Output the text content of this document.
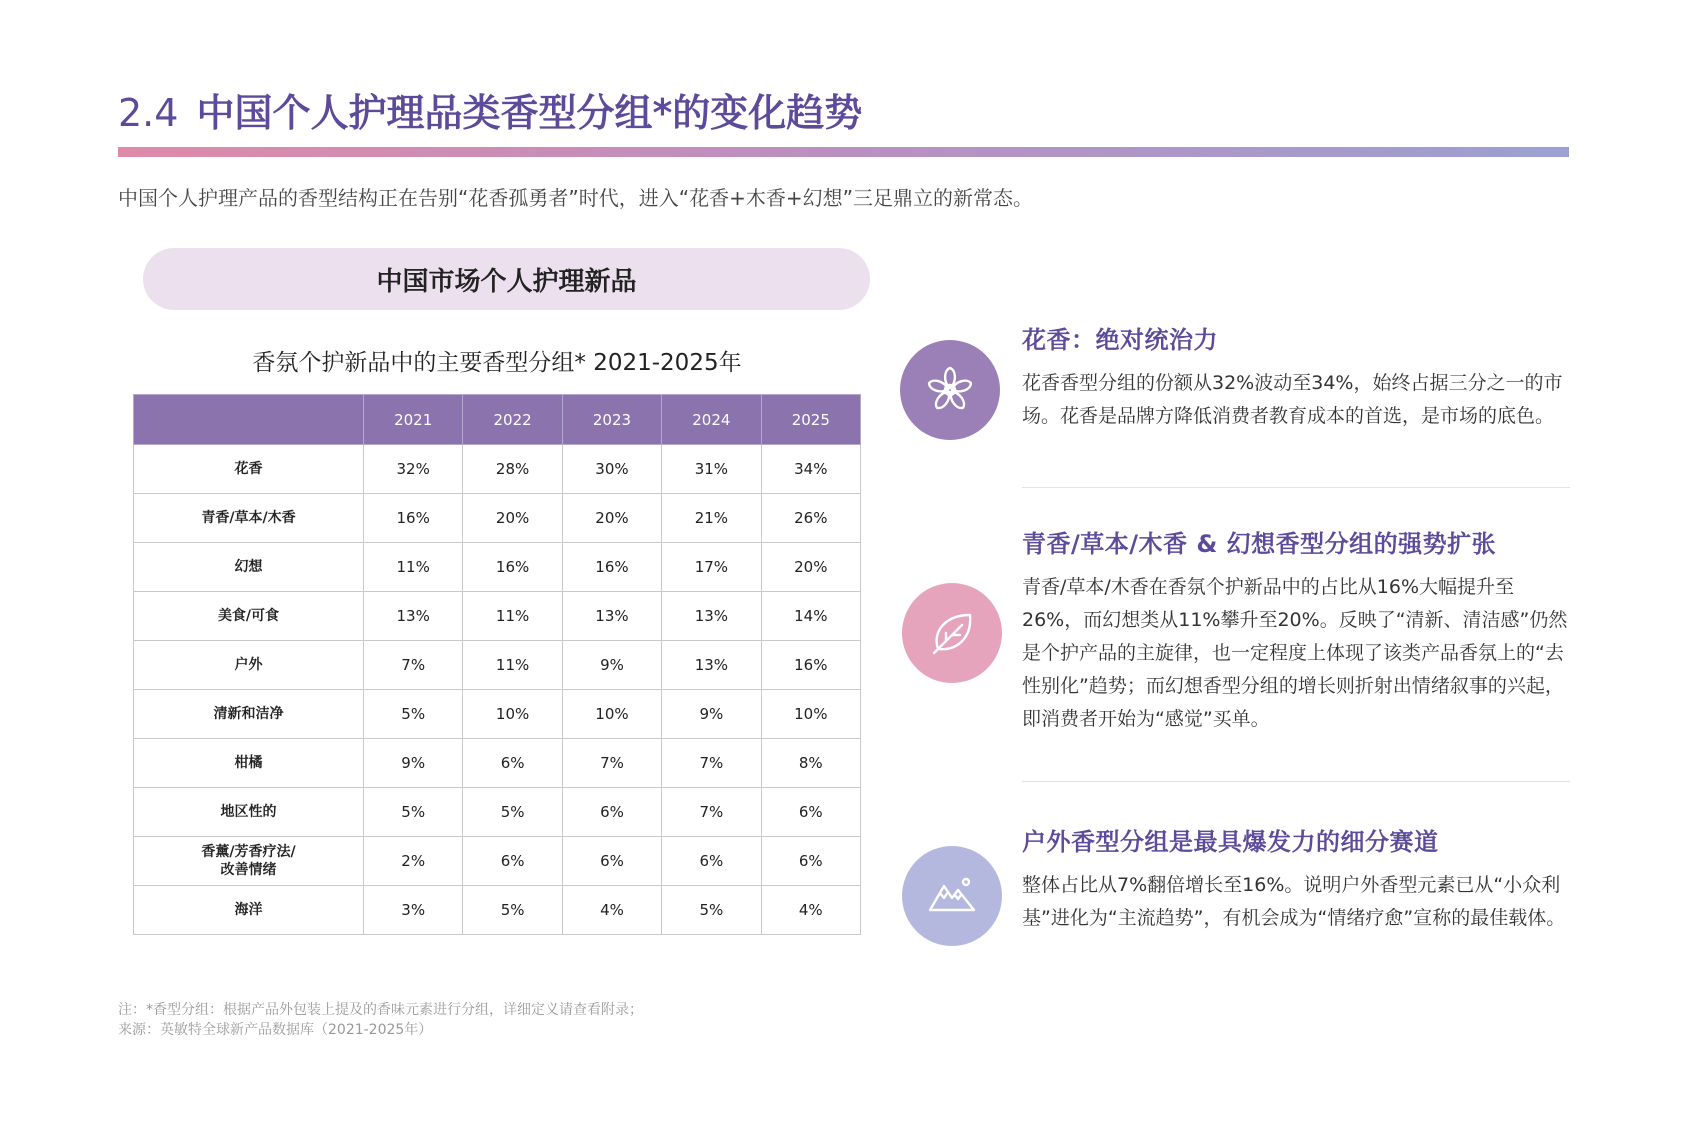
2.4 中国个人护理品类香型分组*的变化趋势

中国个人护理产品的香型结构正在告别“花香孤勇者”时代，进入“花香+木香+幻想”三足鼎立的新常态。

中国市场个人护理新品

香氛个护新品中的主要香型分组* 2021-2025年

	2021	2022	2023	2024	2025
花香	32%	28%	30%	31%	34%
青香/草本/木香	16%	20%	20%	21%	26%
幻想	11%	16%	16%	17%	20%
美食/可食	13%	11%	13%	13%	14%
户外	7%	11%	9%	13%	16%
清新和洁净	5%	10%	10%	9%	10%
柑橘	9%	6%	7%	7%	8%
地区性的	5%	5%	6%	7%	6%
香薰/芳香疗法/
改善情绪	2%	6%	6%	6%	6%
海洋	3%	5%	4%	5%	4%
注：*香型分组：根据产品外包装上提及的香味元素进行分组，详细定义请查看附录；
来源：英敏特全球新产品数据库（2021-2025年）
花香：绝对统治力

花香香型分组的份额从32%波动至34%，始终占据三分之一的市场。花香是品牌方降低消费者教育成本的首选，是市场的底色。

青香/草本/木香 & 幻想香型分组的强势扩张

青香/草本/木香在香氛个护新品中的占比从16%大幅提升至26%，而幻想类从11%攀升至20%。反映了“清新、清洁感”仍然是个护产品的主旋律，也一定程度上体现了该类产品香氛上的“去性别化”趋势；而幻想香型分组的增长则折射出情绪叙事的兴起，即消费者开始为“感觉”买单。

户外香型分组是最具爆发力的细分赛道

整体占比从7%翻倍增长至16%。说明户外香型元素已从“小众利基”进化为“主流趋势”，有机会成为“情绪疗愈”宣称的最佳载体。
